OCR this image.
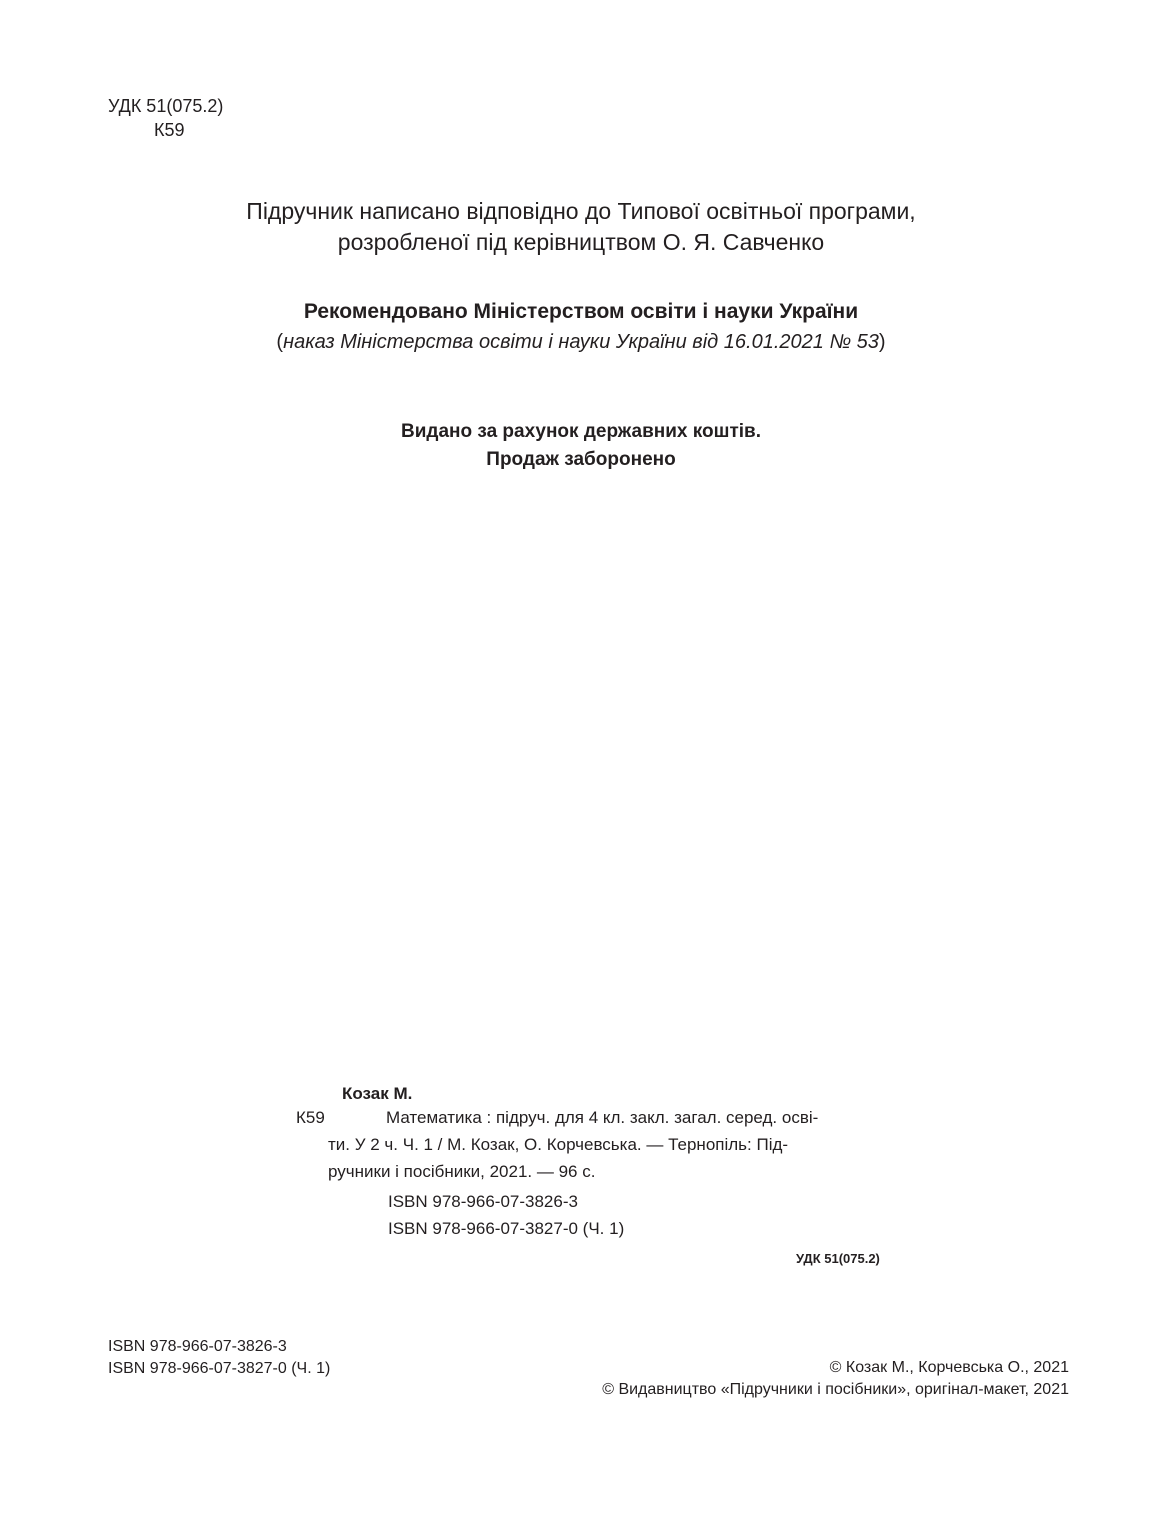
УДК 51(075.2)
К59
Підручник написано відповідно до Типової освітньої програми,
розробленої під керівництвом О. Я. Савченко
Рекомендовано Міністерством освіти і науки України
(наказ Міністерства освіти і науки України від 16.01.2021 № 53)
Видано за рахунок державних коштів.
Продаж заборонено
Козак М.
К59	Математика : підруч. для 4 кл. закл. загал. серед. осві-
ти. У 2 ч. Ч. 1 / М. Козак, О. Корчевська. — Тернопіль: Під-
ручники і посібники, 2021. — 96 с.
ISBN 978-966-07-3826-3
ISBN 978-966-07-3827-0 (Ч. 1)
УДК 51(075.2)
ISBN 978-966-07-3826-3
ISBN 978-966-07-3827-0 (Ч. 1)	© Козак М., Корчевська О., 2021
© Видавництво «Підручники і посібники», оригінал-макет, 2021
